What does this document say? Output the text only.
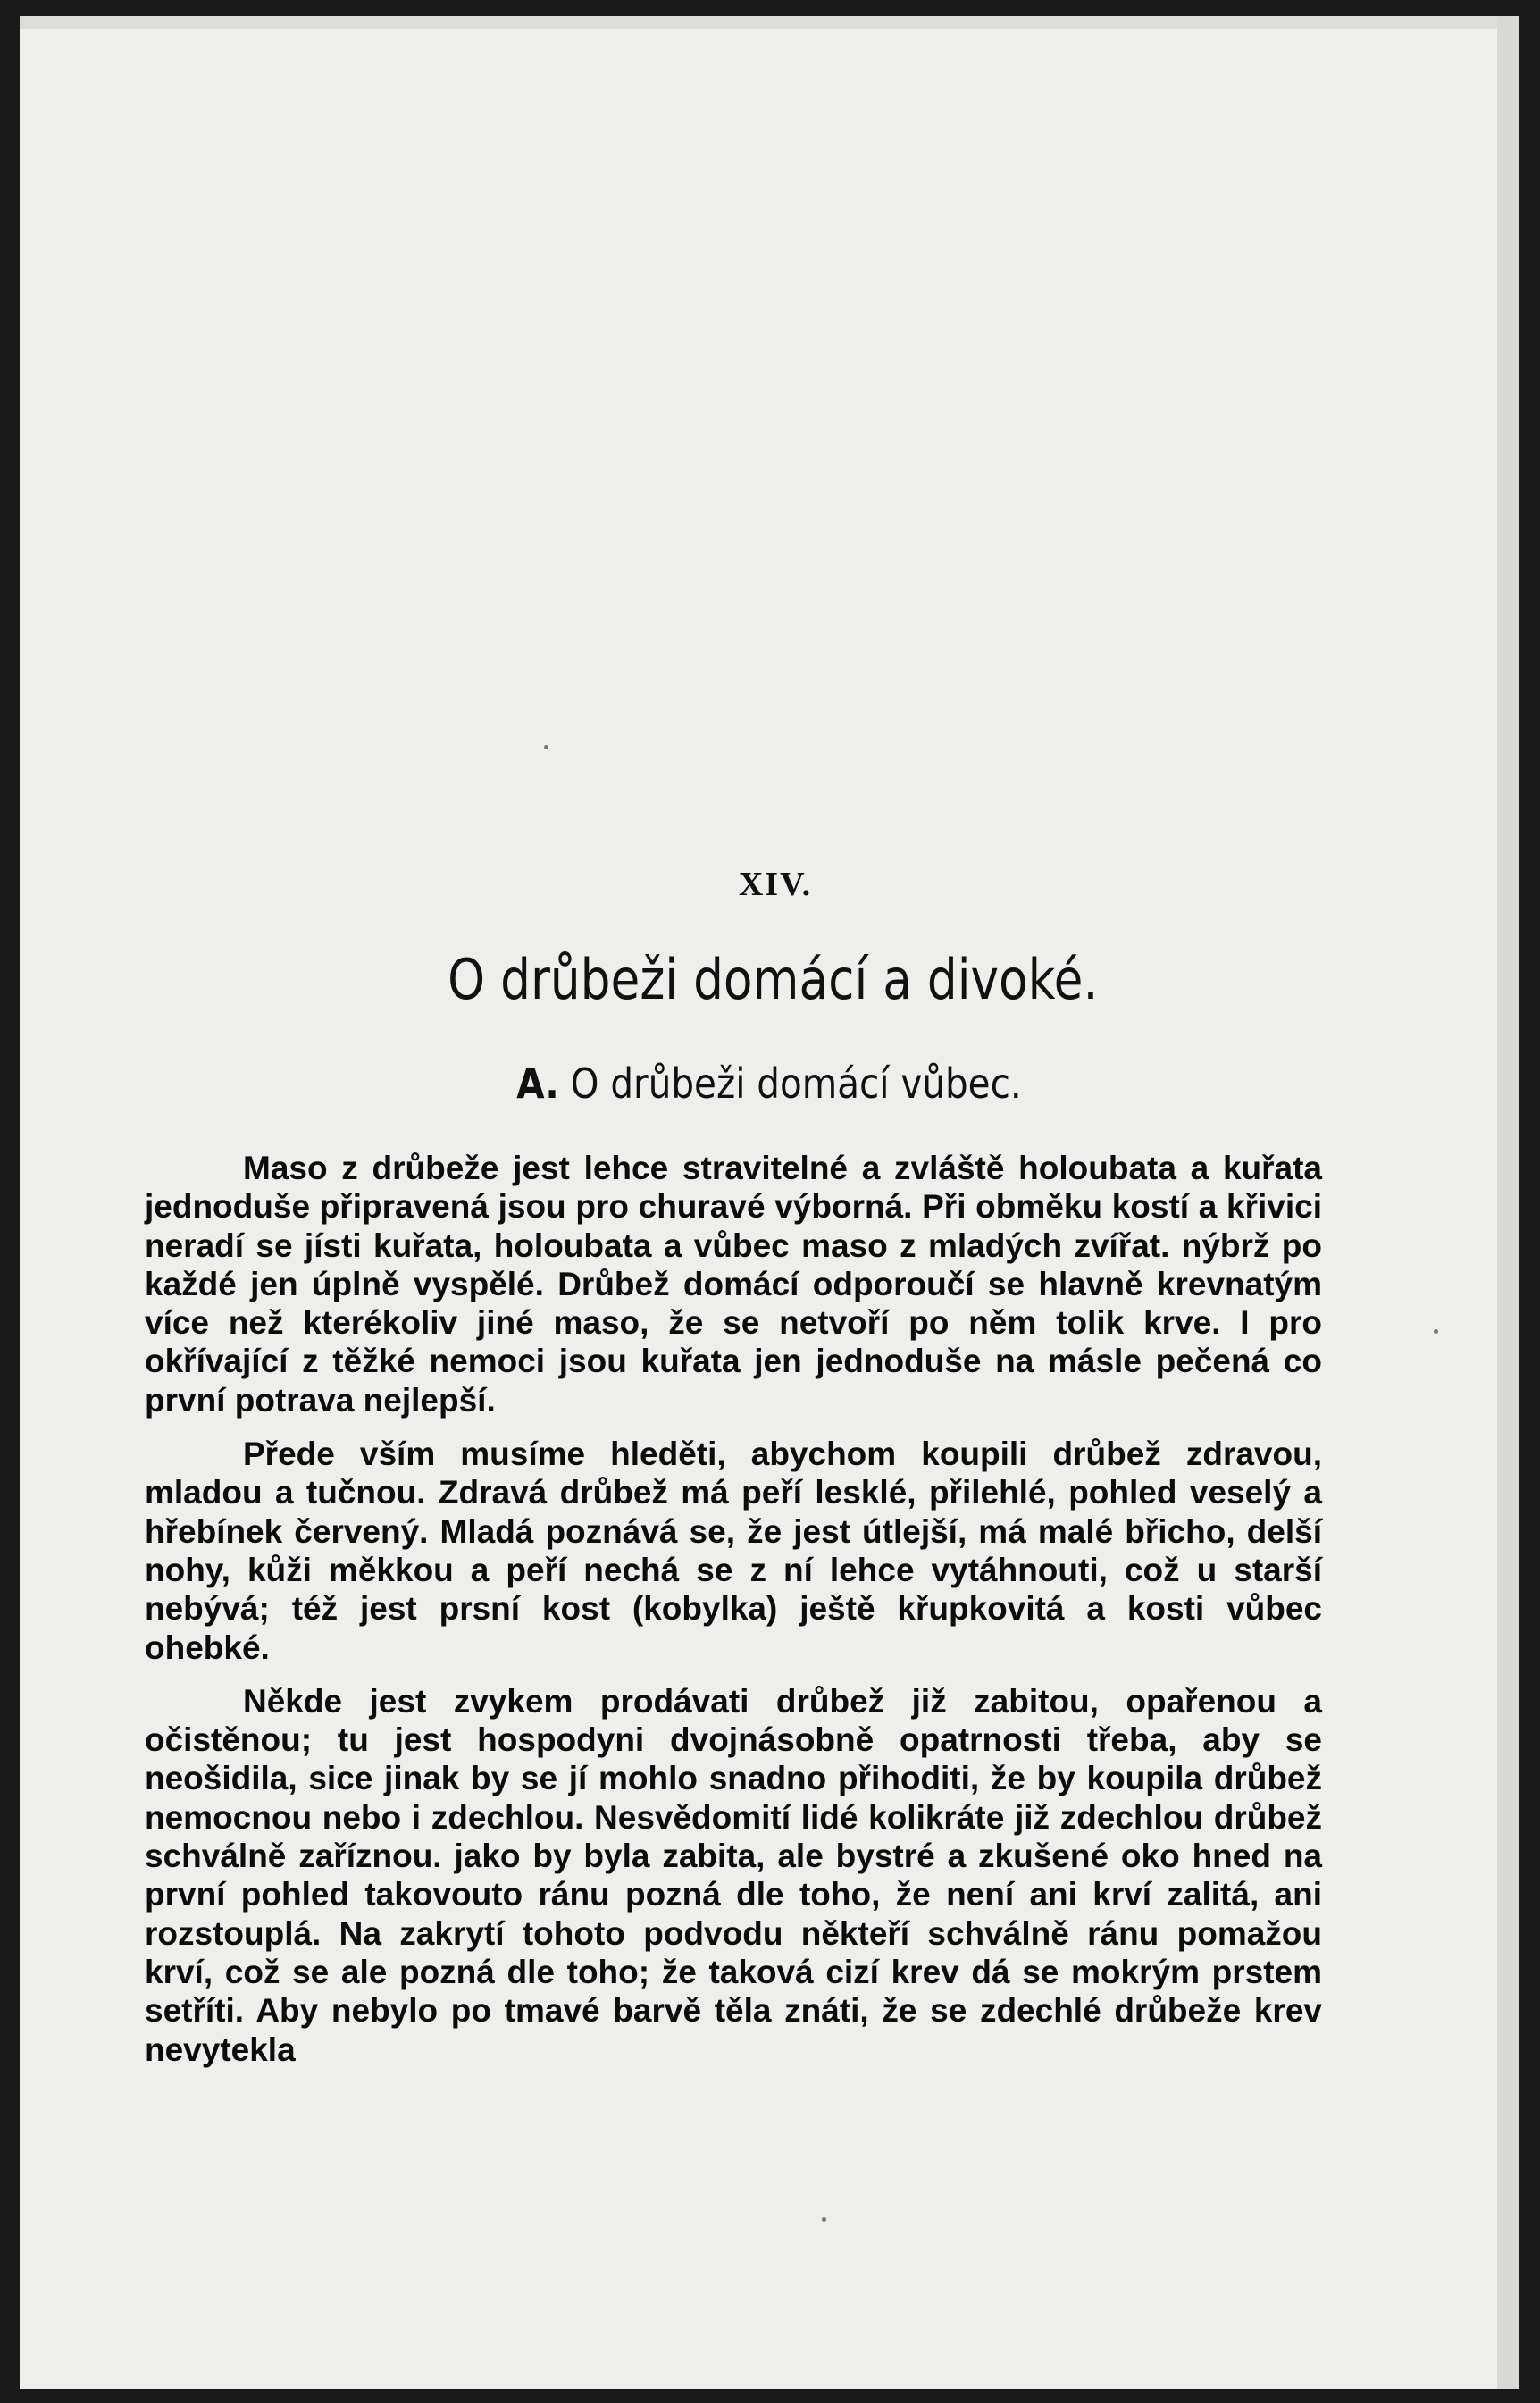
XIV.
O drůbeži domácí a divoké.
A. O drůbeži domácí vůbec.

Maso z drůbeže jest lehce stravitelné a zvláště holoubata a kuřata jednoduše připravená jsou pro churavé výborná. Při obměku kostí a křivici neradí se jísti kuřata, holoubata a vůbec maso z mladých zvířat. nýbrž po každé jen úplně vyspělé. Drůbež domácí odporoučí se hlavně krevnatým více než kterékoliv jiné maso, že se netvoří po něm tolik krve. I pro okřívající z těžké nemoci jsou kuřata jen jednoduše na másle pečená co první potrava nejlepší.

Přede vším musíme hleděti, abychom koupili drůbež zdravou, mladou a tučnou. Zdravá drůbež má peří lesklé, přilehlé, pohled veselý a hřebínek červený. Mladá poznává se, že jest útlejší, má malé břicho, delší nohy, kůži měkkou a peří nechá se z ní lehce vytáhnouti, což u starší nebývá; též jest prsní kost (kobylka) ještě křupkovitá a kosti vůbec ohebké.

Někde jest zvykem prodávati drůbež již zabitou, opařenou a očistěnou; tu jest hospodyni dvojnásobně opatrnosti třeba, aby se neošidila, sice jinak by se jí mohlo snadno přihoditi, že by koupila drůbež nemocnou nebo i zdechlou. Nesvědomití lidé kolikráte již zdechlou drůbež schválně zaříznou. jako by byla zabita, ale bystré a zkušené oko hned na první pohled takovouto ránu pozná dle toho, že není ani krví zalitá, ani rozstouplá. Na zakrytí tohoto podvodu někteří schválně ránu pomažou krví, což se ale pozná dle toho; že taková cizí krev dá se mokrým prstem setříti. Aby nebylo po tmavé barvě těla znáti, že se zdechlé drůbeže krev nevytekla
